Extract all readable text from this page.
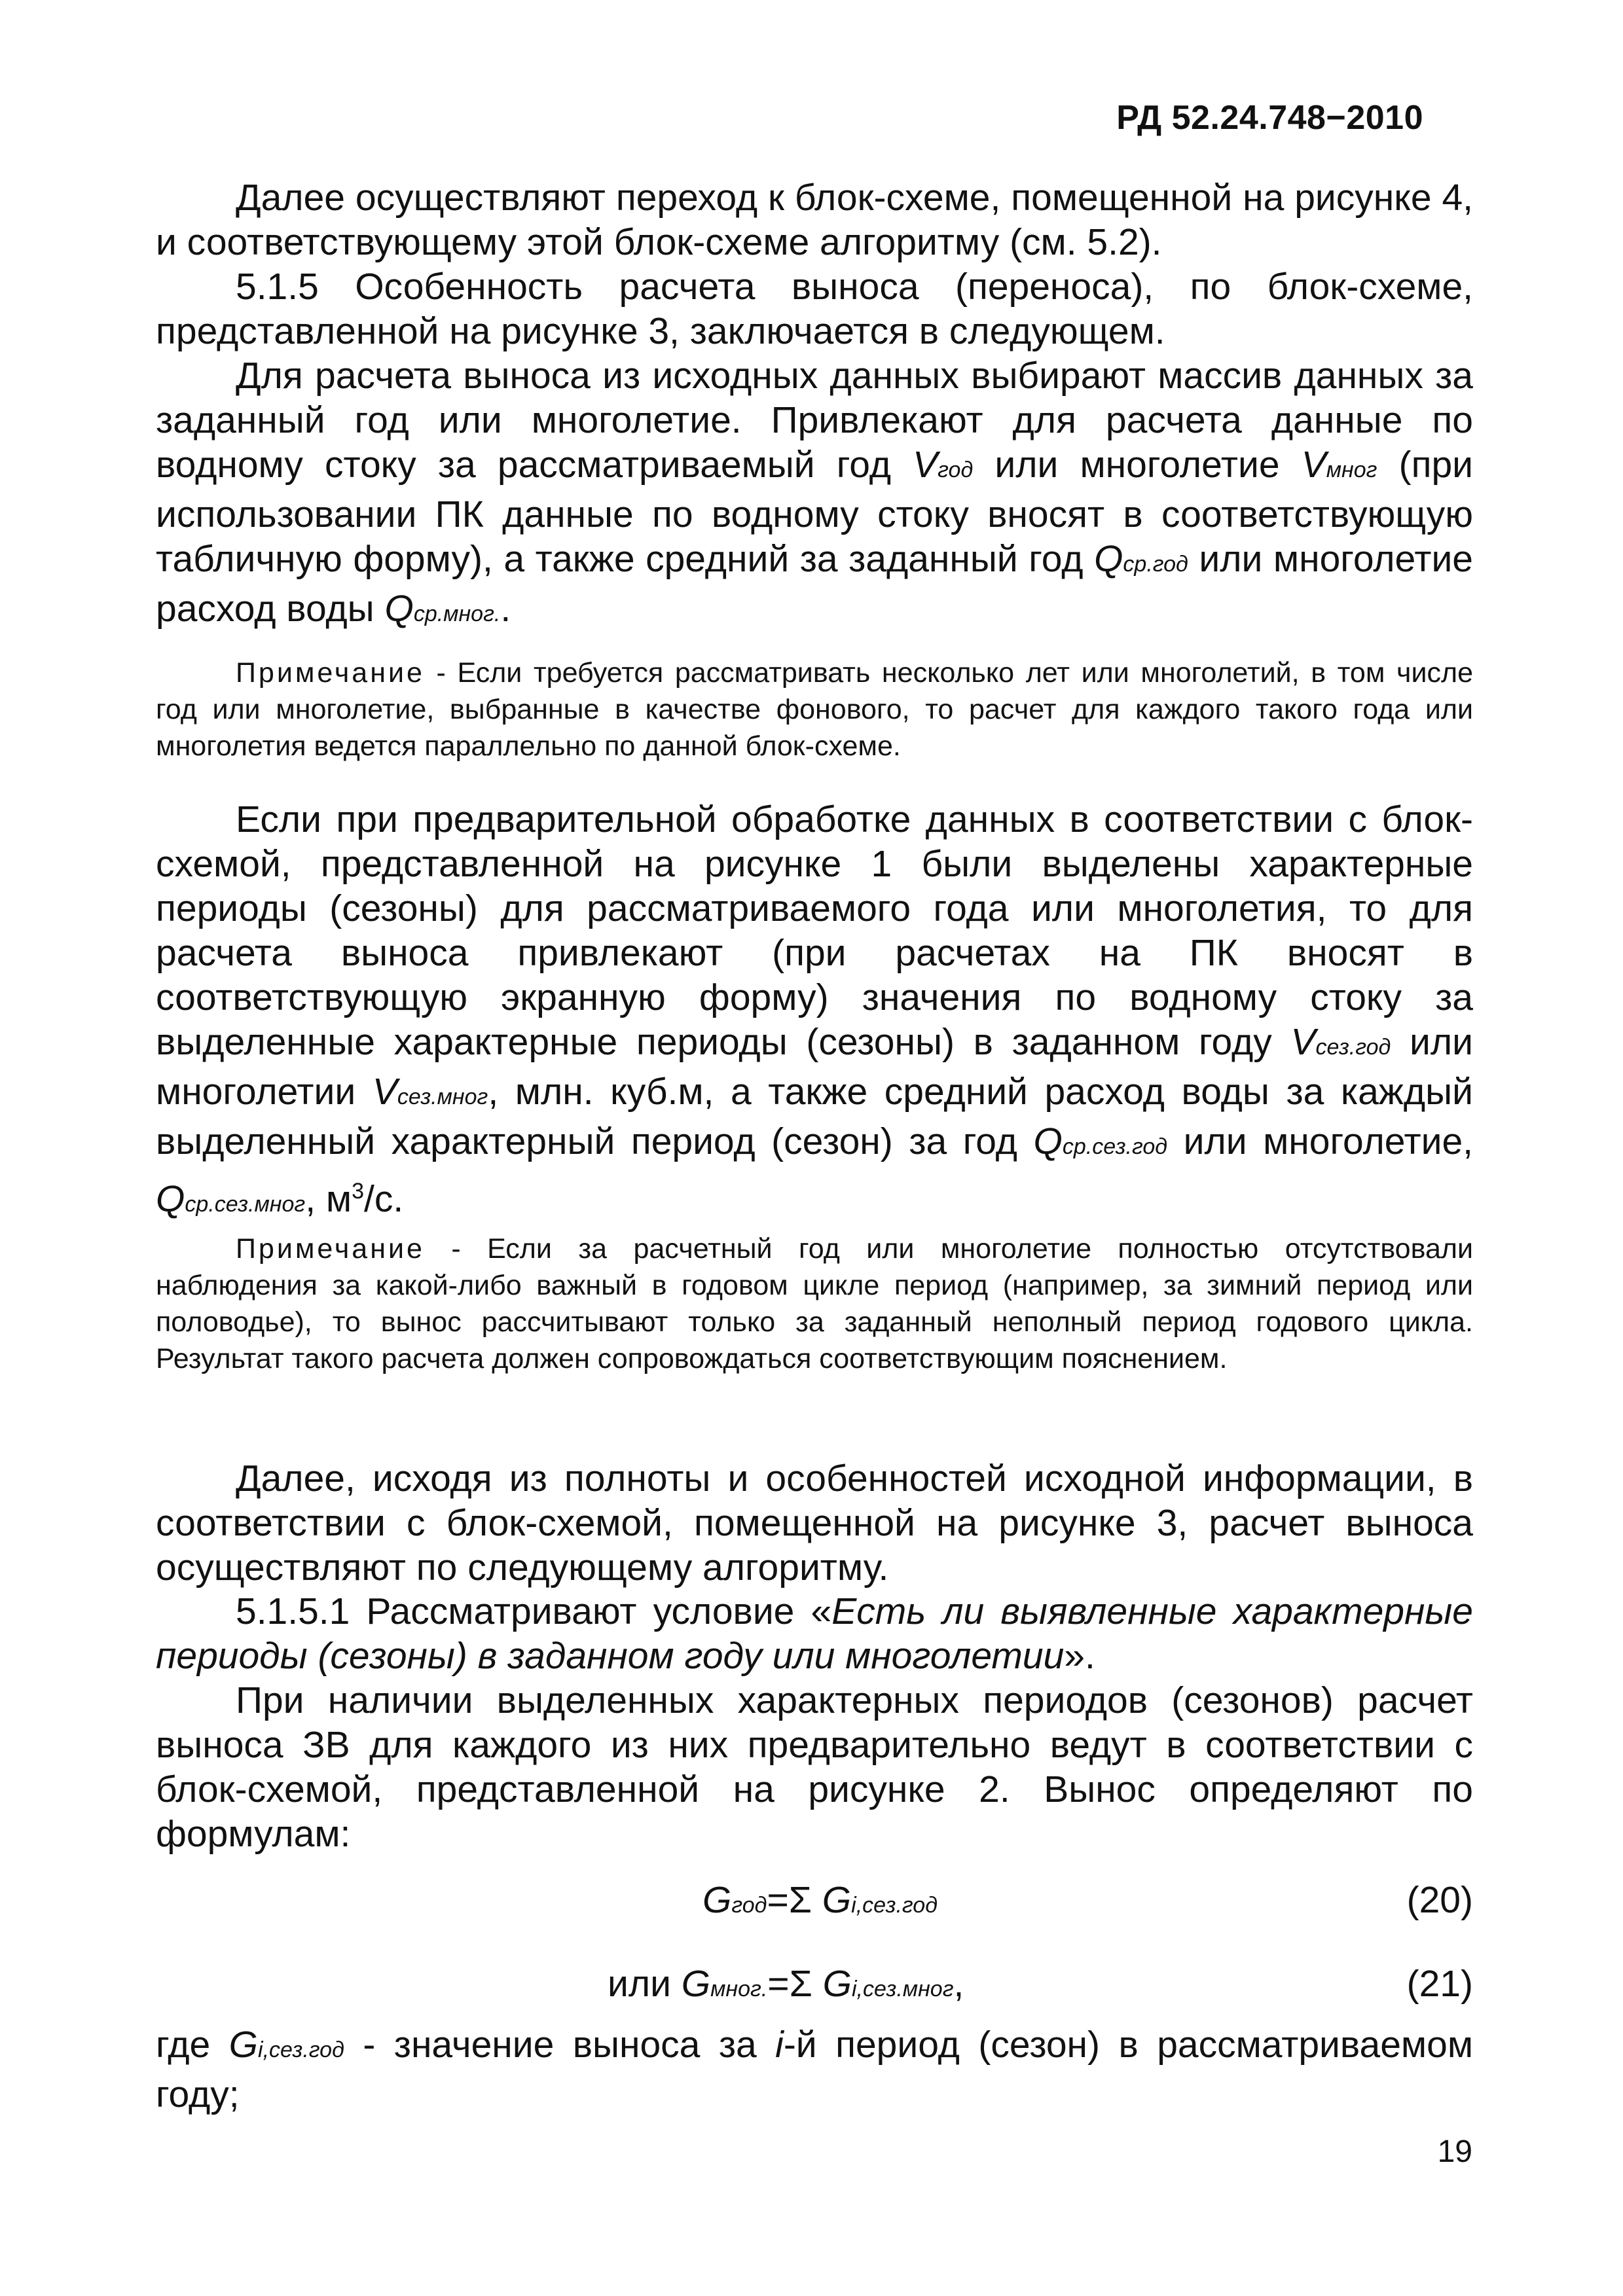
РД 52.24.748−2010

Далее осуществляют переход к блок-схеме, помещенной на рисунке 4, и соответствующему этой блок-схеме алгоритму (см. 5.2).

5.1.5 Особенность расчета выноса (переноса), по блок-схеме, представленной на рисунке 3, заключается в следующем.

Для расчета выноса из исходных данных выбирают массив данных за заданный год или многолетие. Привлекают для расчета данные по водному стоку за рассматриваемый год Vгод или многолетие Vмног (при использовании ПК данные по водному стоку вносят в соответствующую табличную форму), а также средний за заданный год Qср.год или многолетие расход воды Qср.мног..

Примечание - Если требуется рассматривать несколько лет или многолетий, в том числе год или многолетие, выбранные в качестве фонового, то расчет для каждого такого года или многолетия ведется параллельно по данной блок-схеме.

Если при предварительной обработке данных в соответствии с блок-схемой, представленной на рисунке 1 были выделены характерные периоды (сезоны) для рассматриваемого года или многолетия, то для расчета выноса привлекают (при расчетах на ПК вносят в соответствующую экранную форму) значения по водному стоку за выделенные характерные периоды (сезоны) в заданном году Vсез.год или многолетии Vсез.мног, млн. куб.м, а также средний расход воды за каждый выделенный характерный период (сезон) за год Qср.сез.год или многолетие, Qср.сез.мног, $м^3/с$.

Примечание - Если за расчетный год или многолетие полностью отсутствовали наблюдения за какой-либо важный в годовом цикле период (например, за зимний период или половодье), то вынос рассчитывают только за заданный неполный период годового цикла. Результат такого расчета должен сопровождаться соответствующим пояснением.

Далее, исходя из полноты и особенностей исходной информации, в соответствии с блок-схемой, помещенной на рисунке 3, расчет выноса осуществляют по следующему алгоритму.

5.1.5.1 Рассматривают условие «Есть ли выявленные характерные периоды (сезоны) в заданном году или многолетии».

При наличии выделенных характерных периодов (сезонов) расчет выноса ЗВ для каждого из них предварительно ведут в соответствии с блок-схемой, представленной на рисунке 2. Вынос определяют по формулам:

Gгод=Σ Gi,сез.год	(20)
или Gмног.=Σ Gi,сез.мног,	(21)

где Gi,сез.год - значение выноса за i-й период (сезон) в рассматриваемом году;

19
